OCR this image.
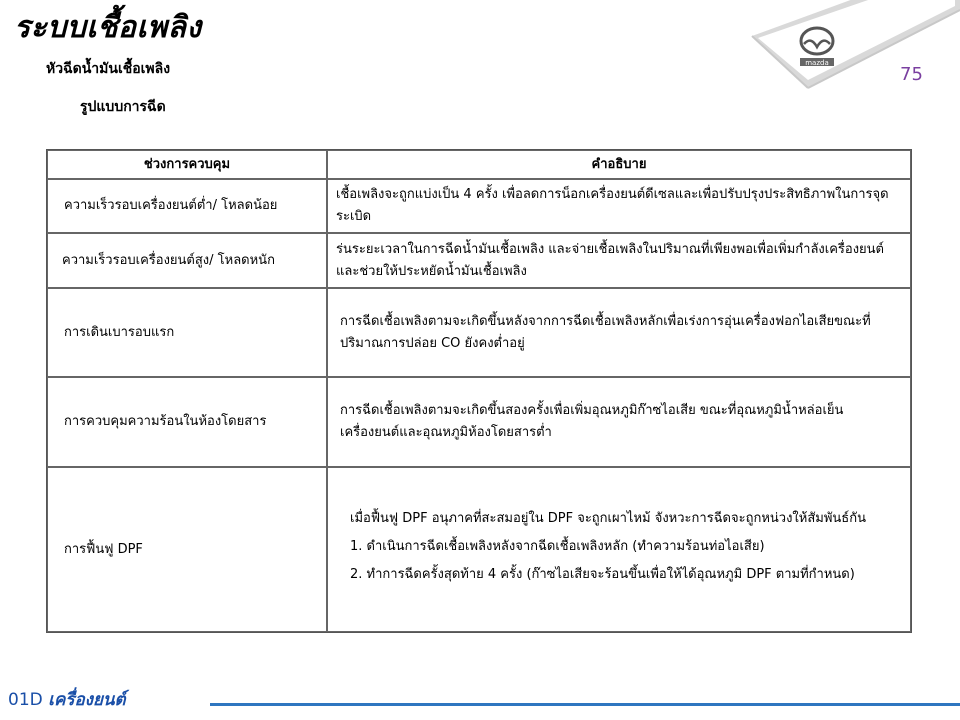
mazda
ระบบเชื้อเพลิง
หัวฉีดน้ำมันเชื้อเพลิง
รูปแบบการฉีด
75
ช่วงการควบคุม	คำอธิบาย
ความเร็วรอบเครื่องยนต์ต่ำ/ โหลดน้อย	เชื้อเพลิงจะถูกแบ่งเป็น 4 ครั้ง เพื่อลดการน็อกเครื่องยนต์ดีเซลและเพื่อปรับปรุงประสิทธิภาพในการจุดระเบิด
ความเร็วรอบเครื่องยนต์สูง/ โหลดหนัก	ร่นระยะเวลาในการฉีดน้ำมันเชื้อเพลิง และจ่ายเชื้อเพลิงในปริมาณที่เพียงพอเพื่อเพิ่มกำลังเครื่องยนต์ และช่วยให้ประหยัดน้ำมันเชื้อเพลิง
การเดินเบารอบแรก	การฉีดเชื้อเพลิงตามจะเกิดขึ้นหลังจากการฉีดเชื้อเพลิงหลักเพื่อเร่งการอุ่นเครื่องฟอกไอเสียขณะที่ปริมาณการปล่อย CO ยังคงต่ำอยู่
การควบคุมความร้อนในห้องโดยสาร	การฉีดเชื้อเพลิงตามจะเกิดขึ้นสองครั้งเพื่อเพิ่มอุณหภูมิก๊าซไอเสีย ขณะที่อุณหภูมิน้ำหล่อเย็นเครื่องยนต์และอุณหภูมิห้องโดยสารต่ำ
การฟื้นฟู DPF	เมื่อฟื้นฟู DPF อนุภาคที่สะสมอยู่ใน DPF จะถูกเผาไหม้ จังหวะการฉีดจะถูกหน่วงให้สัมพันธ์กัน

1. ดำเนินการฉีดเชื้อเพลิงหลังจากฉีดเชื้อเพลิงหลัก (ทำความร้อนท่อไอเสีย)

2. ทำการฉีดครั้งสุดท้าย 4 ครั้ง (ก๊าซไอเสียจะร้อนขึ้นเพื่อให้ได้อุณหภูมิ DPF ตามที่กำหนด)

01D เครื่องยนต์
